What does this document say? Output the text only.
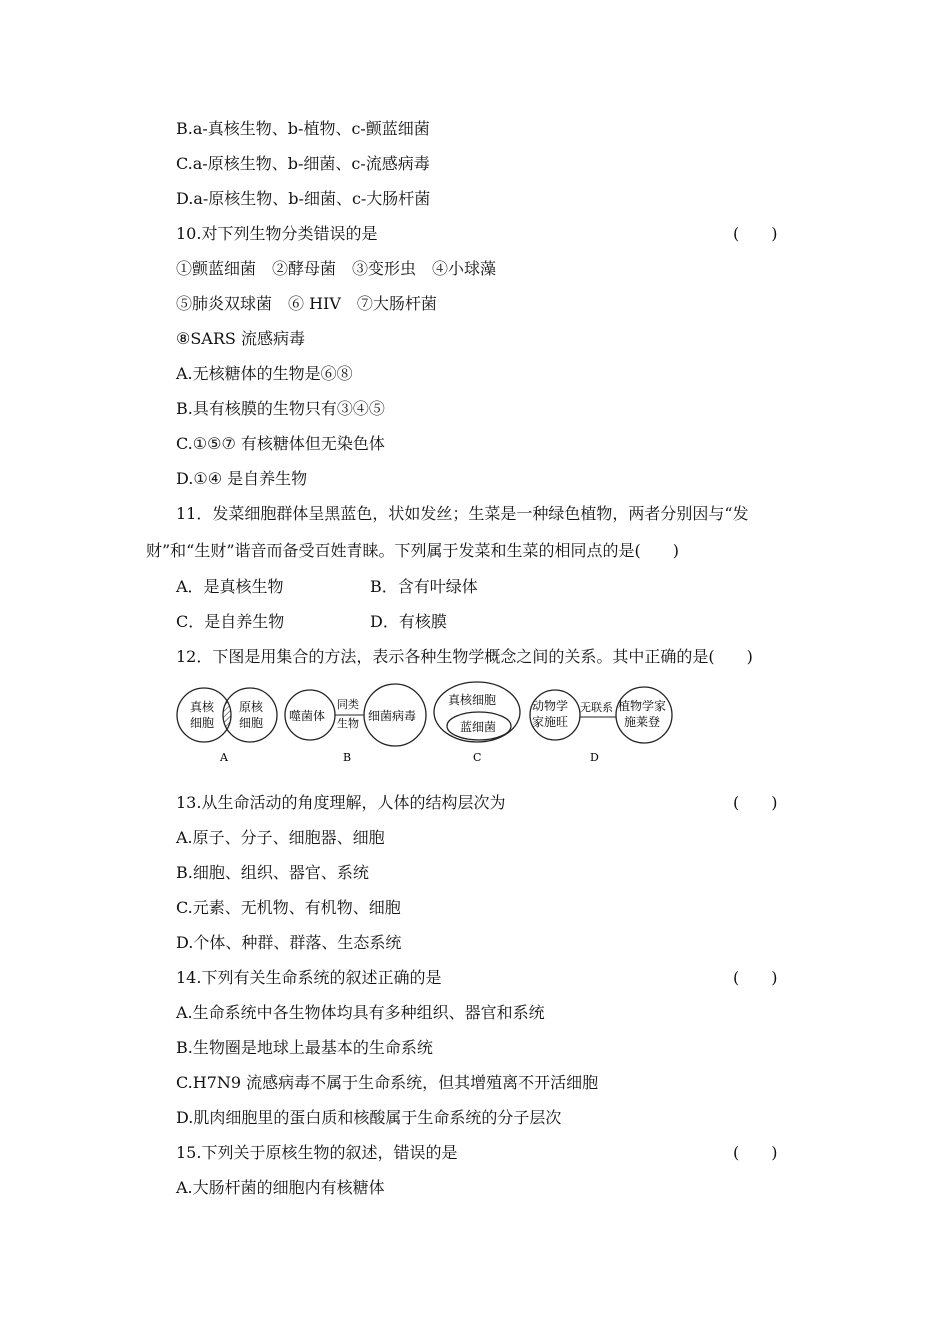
B.a-真核生物、b-植物、c-颤蓝细菌
C.a-原核生物、b-细菌、c-流感病毒
D.a-原核生物、b-细菌、c-大肠杆菌
10.对下列生物分类错误的是	(　　)
①颤蓝细菌　②酵母菌　③变形虫　④小球藻
⑤肺炎双球菌　⑥ HIV　⑦大肠杆菌
⑧SARS 流感病毒
A.无核糖体的生物是⑥⑧
B.具有核膜的生物只有③④⑤
C.①⑤⑦ 有核糖体但无染色体
D.①④ 是自养生物
11．发菜细胞群体呈黑蓝色，状如发丝；生菜是一种绿色植物，两者分别因与“发
财”和“生财”谐音而备受百姓青睐。下列属于发菜和生菜的相同点的是(　　)
A．是真核生物	B．含有叶绿体
C．是自养生物	D．有核膜
12．下图是用集合的方法，表示各种生物学概念之间的关系。其中正确的是(　　)
真核
细胞
原核
细胞
A
噬菌体
同类
生物
细菌病毒
B
真核细胞
蓝细菌
C
动物学
家施旺
无联系 植物学家
施莱登
D
13.从生命活动的角度理解，人体的结构层次为	(　　)
A.原子、分子、细胞器、细胞
B.细胞、组织、器官、系统
C.元素、无机物、有机物、细胞
D.个体、种群、群落、生态系统
14.下列有关生命系统的叙述正确的是	(　　)
A.生命系统中各生物体均具有多种组织、器官和系统
B.生物圈是地球上最基本的生命系统
C.H7N9 流感病毒不属于生命系统，但其增殖离不开活细胞
D.肌肉细胞里的蛋白质和核酸属于生命系统的分子层次
15.下列关于原核生物的叙述，错误的是	(　　)
A.大肠杆菌的细胞内有核糖体
